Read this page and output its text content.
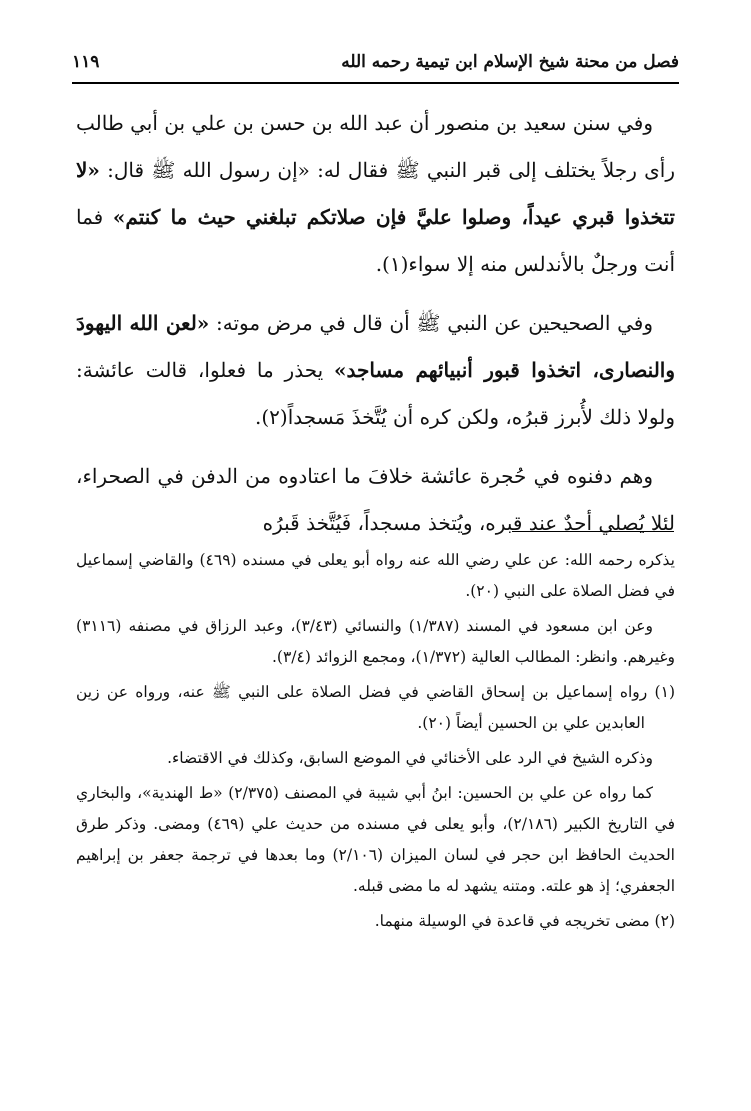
١١٩	فصل من محنة شيخ الإسلام ابن تيمية رحمه الله

وفي سنن سعيد بن منصور أن عبد الله بن حسن بن علي بن أبي طالب رأى رجلاً يختلف إلى قبر النبي ﷺ فقال له: «إن رسول الله ﷺ قال: «لا تتخذوا قبري عيداً، وصلوا عليَّ فإن صلاتكم تبلغني حيث ما كنتم» فما أنت ورجلٌ بالأندلس منه إلا سواء(١).

وفي الصحيحين عن النبي ﷺ أن قال في مرض موته: «لعن الله اليهودَ والنصارى، اتخذوا قبور أنبيائهم مساجد» يحذر ما فعلوا، قالت عائشة: ولولا ذلك لأُبرز قبرُه، ولكن كره أن يُتَّخذَ مَسجداً(٢).

وهم دفنوه في حُجرة عائشة خلافَ ما اعتادوه من الدفن في الصحراء، لئلا يُصلي أحدٌ عند قبره، ويُتخذ مسجداً، فَيُتَّخذ قَبرُه

يذكره رحمه الله: عن علي رضي الله عنه رواه أبو يعلى في مسنده (٤٦٩) والقاضي إسماعيل في فضل الصلاة على النبي (٢٠).

وعن ابن مسعود في المسند (١/٣٨٧) والنسائي (٣/٤٣)، وعبد الرزاق في مصنفه (٣١١٦) وغيرهم. وانظر: المطالب العالية (١/٣٧٢)، ومجمع الزوائد (٣/٤).

(١) رواه إسماعيل بن إسحاق القاضي في فضل الصلاة على النبي ﷺ عنه، ورواه عن زين العابدين علي بن الحسين أيضاً (٢٠).

وذكره الشيخ في الرد على الأخنائي في الموضع السابق، وكذلك في الاقتضاء.

كما رواه عن علي بن الحسين: ابنُ أبي شيبة في المصنف (٢/٣٧٥) «ط الهندية»، والبخاري في التاريخ الكبير (٢/١٨٦)، وأبو يعلى في مسنده من حديث علي (٤٦٩) ومضى. وذكر طرق الحديث الحافظ ابن حجر في لسان الميزان (٢/١٠٦) وما بعدها في ترجمة جعفر بن إبراهيم الجعفري؛ إذ هو علته. ومتنه يشهد له ما مضى قبله.

(٢) مضى تخريجه في قاعدة في الوسيلة منهما.
